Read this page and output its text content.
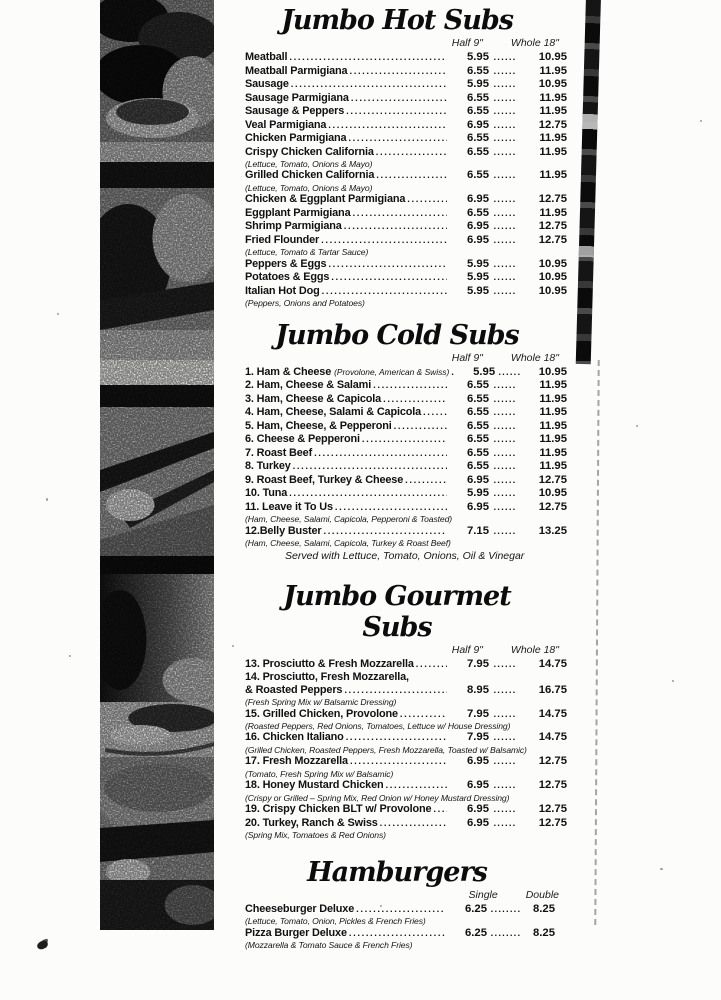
Jumbo Hot Subs
Half 9"	Whole 18"
Meatball .....	5.95 ......	10.95
Meatball Parmigiana .....	6.55 ......	11.95
Sausage .....	5.95 ......	10.95
Sausage Parmigiana .....	6.55 ......	11.95
Sausage & Peppers .....	6.55 ......	11.95
Veal Parmigiana .....	6.95 ......	12.75
Chicken Parmigiana .....	6.55 ......	11.95
Crispy Chicken California .....	6.55 ......	11.95
(Lettuce, Tomato, Onions & Mayo)
Grilled Chicken California .....	6.55 ......	11.95
(Lettuce, Tomato, Onions & Mayo)
Chicken & Eggplant Parmigiana .....	6.95 ......	12.75
Eggplant Parmigiana .....	6.55 ......	11.95
Shrimp Parmigiana .....	6.95 ......	12.75
Fried Flounder .....	6.95 ......	12.75
(Lettuce, Tomato & Tartar Sauce)
Peppers & Eggs .....	5.95 ......	10.95
Potatoes & Eggs .....	5.95 ......	10.95
Italian Hot Dog .....	5.95 ......	10.95
(Peppers, Onions and Potatoes)
Jumbo Cold Subs
Half 9"	Whole 18"
1. Ham & Cheese (Provolone, American & Swiss) .....	5.95 ......	10.95
2. Ham, Cheese & Salami .....	6.55 ......	11.95
3. Ham, Cheese & Capicola .....	6.55 ......	11.95
4. Ham, Cheese, Salami & Capicola .....	6.55 ......	11.95
5. Ham, Cheese, & Pepperoni .....	6.55 ......	11.95
6. Cheese & Pepperoni .....	6.55 ......	11.95
7. Roast Beef .....	6.55 ......	11.95
8. Turkey .....	6.55 ......	11.95
9. Roast Beef, Turkey & Cheese .....	6.95 ......	12.75
10. Tuna .....	5.95 ......	10.95
11. Leave it To Us .....	6.95 ......	12.75
(Ham, Cheese, Salami, Capicola, Pepperoni & Toasted)
12.Belly Buster .....	7.15 ......	13.25
(Ham, Cheese, Salami, Capicola, Turkey & Roast Beef)
Served with Lettuce, Tomato, Onions, Oil & Vinegar
Jumbo Gourmet Subs
Half 9"	Whole 18"
13. Prosciutto & Fresh Mozzarella .....	7.95 ......	14.75
14. Prosciutto, Fresh Mozzarella,
& Roasted Peppers .....	8.95 ......	16.75
(Fresh Spring Mix w/ Balsamic Dressing)
15. Grilled Chicken, Provolone .....	7.95 ......	14.75
(Roasted Peppers, Red Onions, Tomatoes, Lettuce w/ House Dressing)
16. Chicken Italiano .....	7.95 ......	14.75
(Grilled Chicken, Roasted Peppers, Fresh Mozzarella, Toasted w/ Balsamic)
17. Fresh Mozzarella .....	6.95 ......	12.75
(Tomato, Fresh Spring Mix w/ Balsamic)
18. Honey Mustard Chicken .....	6.95 ......	12.75
(Crispy or Grilled – Spring Mix, Red Onion w/ Honey Mustard Dressing)
19. Crispy Chicken BLT w/ Provolone .....	6.95 ......	12.75
20. Turkey, Ranch & Swiss .....	6.95 ......	12.75
(Spring Mix, Tomatoes & Red Onions)
Hamburgers
Single	Double
Cheeseburger Deluxe .....	6.25 ........	8.25
(Lettuce, Tomato, Onion, Pickles & French Fries)
Pizza Burger Deluxe .....	6.25 ........	8.25
(Mozzarella & Tomato Sauce & French Fries)
